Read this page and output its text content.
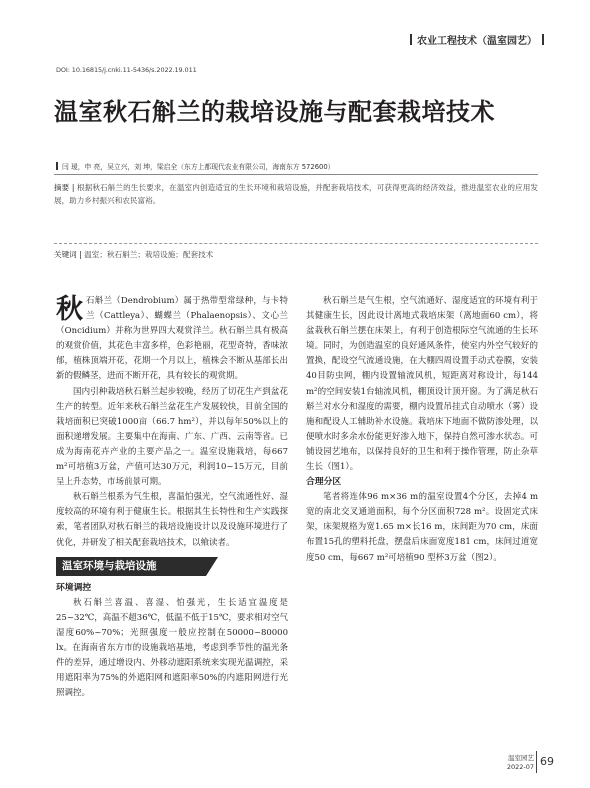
农业工程技术（温室园艺）
DOI: 10.16815/j.cnki.11-5436/s.2022.19.011
温室秋石斛兰的栽培设施与配套栽培技术
闫 瑷，申 亮，吴立兴，刘 坤，梁启全（东方上都现代农业有限公司，海南东方 572600）
摘要 | 根据秋石斛兰的生长要求，在温室内创造适宜的生长环境和栽培设施，并配套栽培技术，可获得更高的经济效益，推进温室农业的应用发展，助力乡村振兴和农民富裕。
关键词 | 温室；秋石斛兰；栽培设施；配套技术

秋石斛兰（Dendrobium）属于热带型常绿种，与卡特兰（Cattleya）、蝴蝶兰（Phalaenopsis）、文心兰（Oncidium）并称为世界四大观赏洋兰。秋石斛兰具有极高的观赏价值，其花色丰富多样，色彩艳丽，花型奇特，香味浓郁，植株顶端开花，花期一个月以上，植株会不断从基部长出新的假鳞茎，进而不断开花，具有较长的观赏期。

国内引种栽培秋石斛兰起步较晚，经历了切花生产到盆花生产的转型。近年来秋石斛兰盆花生产发展较快，目前全国的栽培面积已突破1000亩（66.7 hm²），并以每年50%以上的面积递增发展。主要集中在海南、广东、广西、云南等省。已成为海南花卉产业的主要产品之一。温室设施栽培，每667 m²可培植3万盆，产值可达30万元，利润10~15万元，目前呈上升态势，市场前景可期。

秋石斛兰根系为气生根，喜温怕强光，空气流通性好、湿度较高的环境有利于健康生长。根据其生长特性和生产实践探索，笔者团队对秋石斛兰的栽培设施设计以及设施环境进行了优化，并研发了相关配套栽培技术，以飨读者。

温室环境与栽培设施
环境调控

秋石斛兰喜温、喜湿、怕强光，生长适宜温度是25~32℃，高温不超36℃，低温不低于15℃，要求相对空气湿度60%~70%；光照强度一般应控制在50000~80000 lx。在海南省东方市的设施栽培基地，考虑到季节性的温光条件的差异，通过增设内、外移动遮阳系统来实现光温调控，采用遮阳率为75%的外遮阳网和遮阳率50%的内遮阳网进行光照调控。

秋石斛兰是气生根，空气流通好、湿度适宜的环境有利于其健康生长，因此设计离地式栽培床架（离地面60 cm），将盆栽秋石斛兰摆在床架上，有利于创造根际空气流通的生长环境。同时，为创造温室的良好通风条件，使室内外空气较好的置换，配设空气流通设施，在大棚四周设置手动式卷膜，安装40目防虫网，棚内设置轴流风机，短距离对称设计，每144 m²的空间安装1台轴流风机，棚顶设计顶开窗。为了满足秋石斛兰对水分和湿度的需要，棚内设置吊挂式自动喷水（雾）设施和配设人工辅助补水设施。栽培床下地面不做防渗处理，以便喷水时多余水份能更好渗入地下，保持自然可渗水状态。可铺设园艺地布，以保持良好的卫生和利于操作管理，防止杂草生长（图1）。

合理分区

笔者将连体96 m×36 m的温室设置4个分区，去掉4 m宽的南北交叉通道面积，每个分区面积728 m²。设固定式床架，床架规格为宽1.65 m×长16 m，床间距为70 cm，床面布置15孔的塑料托盘，摆盘后床面宽度181 cm，床间过道宽度50 cm，每667 m²可培植90 型杯3万盆（图2）。

温室园艺
2022-07 69
